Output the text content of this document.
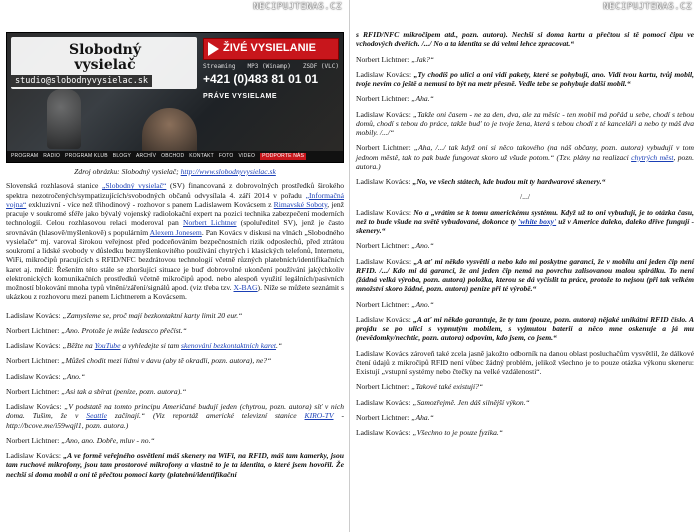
NECIPUJTENAS.CZ
Slobodný
vysielač
studio@slobodnyvysielac.sk
ŽIVÉ VYSIELANIE
Streaming MP3 (Winamp) ZSDF (VLC)
+421 (0)483 81 01 01
PRÁVE VYSIELAME
PROGRAM RADIO PROGRAM KLUB BLOGY ARCHÍV OBCHOD KONTAKT FOTO VIDEO	PODPORTE NÁS
Zdroj obrázku: Slobodný vysielač; http://www.slobodnyvysielac.sk

Slovenská rozhlasová stanice „Slobodný vysielač“ (SV) financovaná z dobrovolných prostředků širokého spektra nezotročených/sympatizujících/svobodných občanů odvysílala 4. září 2014 v pořadu „Informačná vojna“ exkluzivní - více než třihodinový - rozhovor s panem Ladislawem Kovácsem z Rimavské Soboty, jenž pracuje v soukromé sféře jako bývalý vojenský radiolokační expert na pozici technika zabezpečení moderních technologií. Celou rozhlasovou relaci moderoval pan Norbert Lichtner (spoluředitel SV), jenž je často srovnáván (hlasově/myšlenkově) s populárním Alexem Jonesem. Pan Kovács v diskusi na vlnách „Slobodného vysielače“ mj. varoval širokou veřejnost před podceňováním bezpečnostních rizik odposlechů, před ztrátou soukromí a lidské svobody v důsledku bezmyšlenkovitého používání chytrých i klasických telefonů, Internetu, WiFi, mikročipů pracujících s RFID/NFC bezdrátovou technologií včetně různých platebních/identifikačních karet aj. médií: Řešením této stále se zhoršující situace je buď dobrovolné ukončení používání jakýchkoliv elektronických komunikačních prostředků včetně mikročipů apod. nebo alespoň využití legálních/pasivních možností blokování mnoha typů vlnění/záření/signálů apod. (viz třeba tzv. X-BAG). Níže se můžete seznámit s ukázkou z rozhovoru mezi panem Lichtnerem a Kovácsem.

Ladislaw Kovács: „Zamysleme se, proč mají bezkontaktní karty limit 20 eur.“

Norbert Lichtner: „Ano. Protože je může ledascco přečíst.“

Ladislaw Kovács: „Běžte na YouTube a vyhledejte si tam skenování bezkontaktních karet.“

Norbert Lichtner: „Můžeš chodit mezi lidmi v davu (aby tě okradli, pozn. autora), ne?“

Ladislaw Kovács: „Ano.“

Norbert Lichtner: „Asi tak a sbírat (peníze, pozn. autora).“

Ladislaw Kovács: „V podstatě na tomto principu Američané budují jeden (chytrou, pozn. autora) síť v nich doma. Tušim, že v Seattle začínají.“ (Viz reportáž americké televizní stanice KIRO-TV - http://bcove.me/i59wqjl1, pozn. autora.)

Norbert Lichtner: „Ano, ano. Dobře, mluv - no.“

Ladislaw Kovács: „A ve formě veřejného osvětlení máš skenery na WiFi, na RFID, máš tam kamerky, jsou tam ruchové mikrofony, jsou tam prostorové mikrofony a vlastně to je ta identita, o které jsem hovořil. Že nechší si doma mobil a oni tě přečtou pomocí karty (platební/identifikační

NECIPUJTENAS.CZ

s RFID/NFC mikročipem atd., pozn. autora). Nechší si doma kartu a přečtou si tě pomocí čipu ve vchodových dveřích. /.../ No a ta identita se dá velmi lehce zpracovat.“

Norbert Lichtner: „Jak?“

Ladislaw Kovács: „Ty chodíš po ulici a oni vidí pakety, které se pohybují, ano. Vidí tvou kartu, tvůj mobil, tvoje nevím co ještě a nemusí to být na metr přesně. Vedle tebe se pohybuje další mobil.“

Norbert Lichtner: „Aha.“

Ladislaw Kovács: „Takže oni časem - ne za den, dva, ale za měsíc - ten mobil má pořád u sebe, chodí s tebou domů, chodí s tebou do práce, takže bud' to je tvoje žena, která s tebou chodí z té kanceláři a nebo ty máš dva mobily. /.../“

Norbert Lichtner: „Aha, /.../ tak když oni si něco takového (na náš občany, pozn. autora) vybudují v tom jednom městě, tak to pak bude fungovat skoro už všude potom.“ (Tzv. plány na realizaci chytrých měst, pozn. autora.)

Ladislaw Kovács: „No, ve všech státech, kde budou mít ty hardwarové skenery.“

/.../

Ladislaw Kovács: No a „vrátím se k tomu americkému systému. Když už to oni vybudují, je to otázka času, než to bude všude na světě vybudované, dokonce ty 'white boxy' už v Americe daleko, daleko dříve fungují - skenery.“

Norbert Lichtner: „Ano.“

Ladislaw Kovács: „A ať mi někdo vysvětlí a nebo kdo mi poskytne garanci, že v mobilu ani jeden čip není RFID. /.../ Kdo mi dá garanci, že ani jeden čip nemá na povrchu zalisovanou malou spirálku. To není (žádná velká výroba, pozn. autora) položka, kterou se dá vyčíslit ta práce, protože to nejsou (při tak velkém množství skoro žádné, pozn. autora) peníze při té výrobě.“

Norbert Lichtner: „Ano.“

Ladislaw Kovács: „A ať mi někdo garantuje, že ty tam (pouze, pozn. autora) nějaké unikátní RFID číslo. A projdu se po ulici s vypnutým mobilem, s vyjmutou baterií a něco mne oskenuje a já mu (nevědomky/nechtic, pozn. autora) odpovím, kdo jsem, co jsem.“

Ladislaw Kovács zároveň také zcela jasně jakožto odborník na danou oblast posluchačům vysvětlil, že dálkové čtení údajů z mikročipů RFID není vůbec žádný problém, jelikož všechno je to pouze otázka výkonu skeneru: Existují „vstupní systémy nebo čtečky na velké vzdálenosti“.

Norbert Lichtner: „Takové také existují?“

Ladislaw Kovács: „Samozřejmě. Jen dáš silnější výkon.“

Norbert Lichtner: „Aha.“

Ladislaw Kovács: „Všechno to je pouze fyzika.“
